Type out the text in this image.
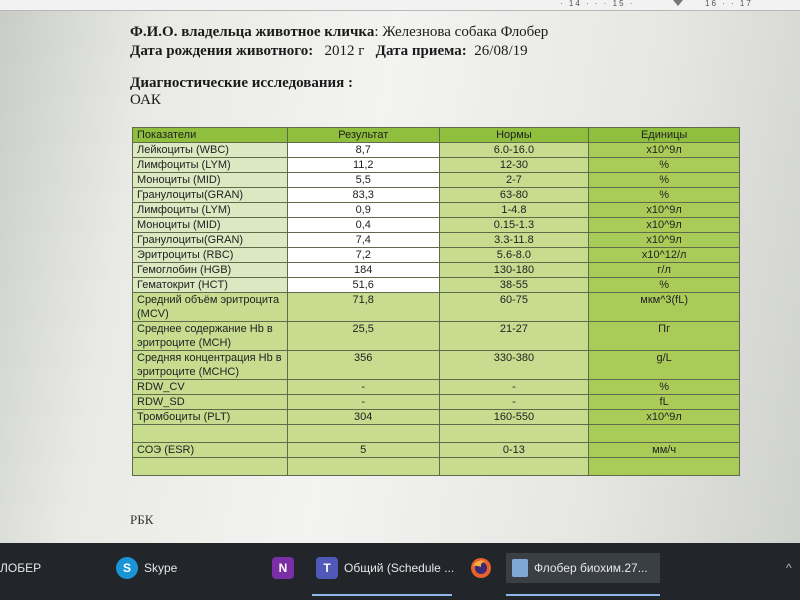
· 14 · · · 15 ·	16 · · 17
Ф.И.О. владельца животное кличка: Железнова собака Флобер
Дата рождения животного: 2012 г Дата приема: 26/08/19
Диагностические исследования :
ОАК
Показатели	Результат	Нормы	Единицы
Лейкоциты (WBC)	8,7	6.0-16.0	x10^9л
Лимфоциты (LYM)	11,2	12-30	%
Моноциты (MID)	5,5	2-7	%
Гранулоциты(GRAN)	83,3	63-80	%
Лимфоциты (LYM)	0,9	1-4.8	x10^9л
Моноциты (MID)	0,4	0.15-1.3	x10^9л
Гранулоциты(GRAN)	7,4	3.3-11.8	x10^9л
Эритроциты (RBC)	7,2	5.6-8.0	x10^12/л
Гемоглобин (HGB)	184	130-180	г/л
Гематокрит (HCT)	51,6	38-55	%
Средний объём эритроцита (MCV)	71,8	60-75	мкм^3(fL)
Среднее содержание Hb в эритроците (MCH)	25,5	21-27	Пг
Средняя концентрация Hb в эритроците (MCHC)	356	330-380	g/L
RDW_CV	-	-	%
RDW_SD	-	-	fL
Тромбоциты (PLT)	304	160-550	x10^9л

СОЭ (ESR)	5	0-13	мм/ч

РБК
ЛОБЕР	S	Skype	N	T	Общий (Schedule ...	Флобер биохим.27...	^
